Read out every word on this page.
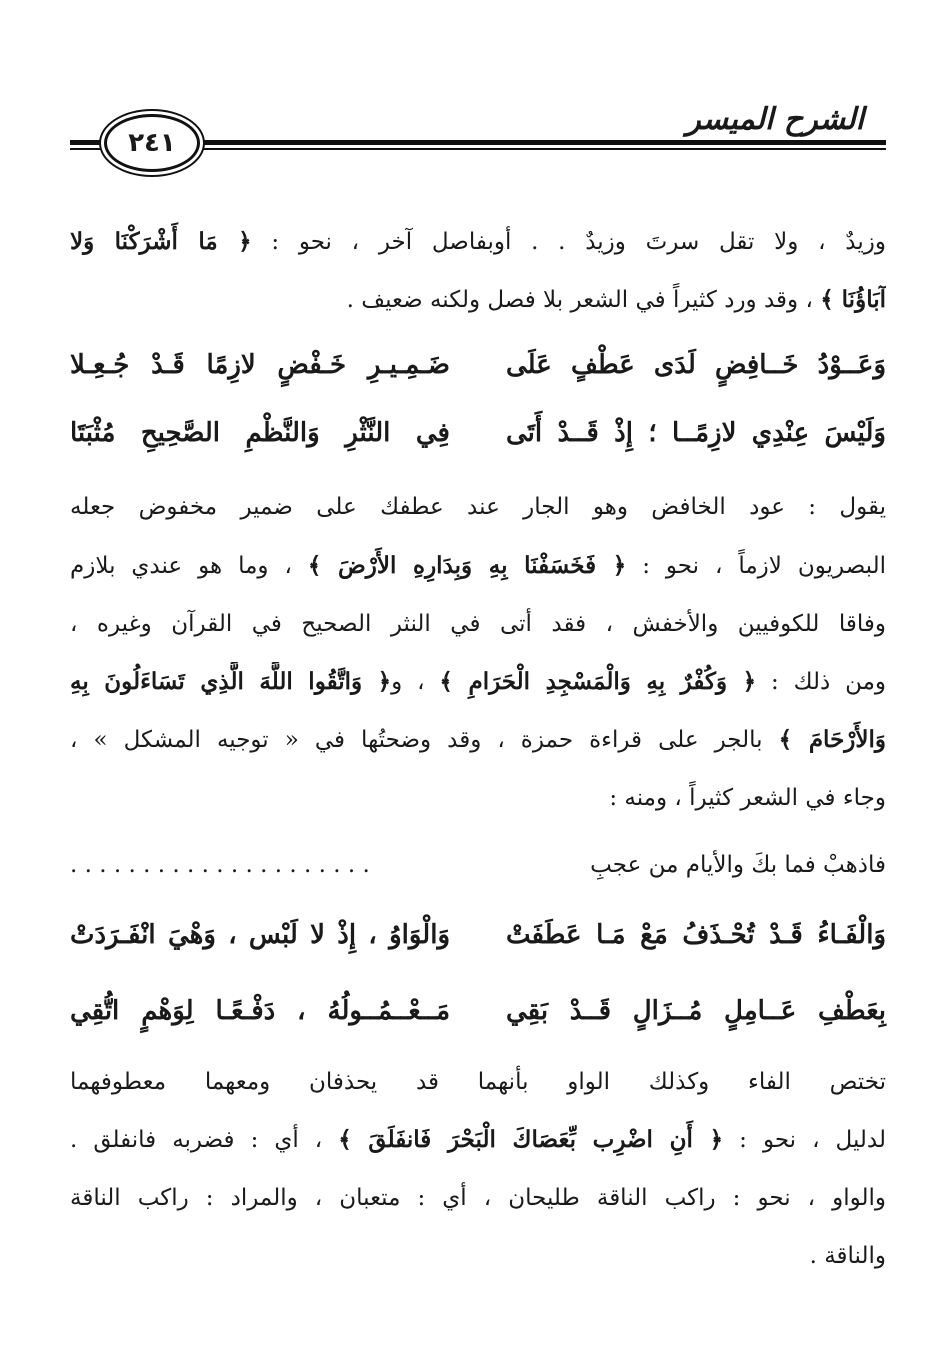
٢٤١
الشرح الميسر
وزيدٌ ، ولا تقل سرتَ وزيدٌ . . أوبفاصل آخر ، نحو : ﴿ مَا أَشْرَكْنَا وَلا
آبَاؤُنَا ﴾ ، وقد ورد كثيراً في الشعر بلا فصل ولكنه ضعيف .
وَعَــوْدُ خَــافِضٍ لَدَى عَطْفٍ عَلَى
ضَـمِـيـرِ خَـفْضٍ لازِمًا قَـدْ جُـعِـلا
وَلَيْسَ عِنْدِي لازِمًــا ؛ إِذْ قَــدْ أَتَى
فِي النَّثْرِ وَالنَّظْمِ الصَّحِيحِ مُثْبَتَا
يقول : عود الخافض وهو الجار عند عطفك على ضمير مخفوض جعله
البصريون لازماً ، نحو : ﴿ فَخَسَفْنَا بِهِ وَبِدَارِهِ الأَرْضَ ﴾ ، وما هو عندي بلازم
وفاقا للكوفيين والأخفش ، فقد أتى في النثر الصحيح في القرآن وغيره ،
ومن ذلك : ﴿ وَكُفْرٌ بِهِ وَالْمَسْجِدِ الْحَرَامِ ﴾ ، و﴿ وَاتَّقُوا اللَّهَ الَّذِي تَسَاءَلُونَ بِهِ
وَالأَرْحَامَ ﴾ بالجر على قراءة حمزة ، وقد وضحتُها في « توجيه المشكل » ،
وجاء في الشعر كثيراً ، ومنه :
فاذهبْ فما بكَ والأيام من عجبِ
. . . . . . . . . . . . . . . . . . . . .
وَالْفَـاءُ قَـدْ تُحْـذَفُ مَعْ مَـا عَطَفَتْ
وَالْوَاوُ ، إِذْ لا لَبْس ، وَهْيَ انْفَـرَدَتْ
بِعَطْفِ عَــامِلٍ مُــزَالٍ قَــدْ بَقِي
مَــعْــمُــولُهُ ، دَفْـعًـا لِوَهْمٍ اتُّقِي
تختص الفاء وكذلك الواو بأنهما قد يحذفان ومعهما معطوفهما
لدليل ، نحو : ﴿ أَنِ اضْرِب بِّعَصَاكَ الْبَحْرَ فَانفَلَقَ ﴾ ، أي : فضربه فانفلق .
والواو ، نحو : راكب الناقة طليحان ، أي : متعبان ، والمراد : راكب الناقة
والناقة .
